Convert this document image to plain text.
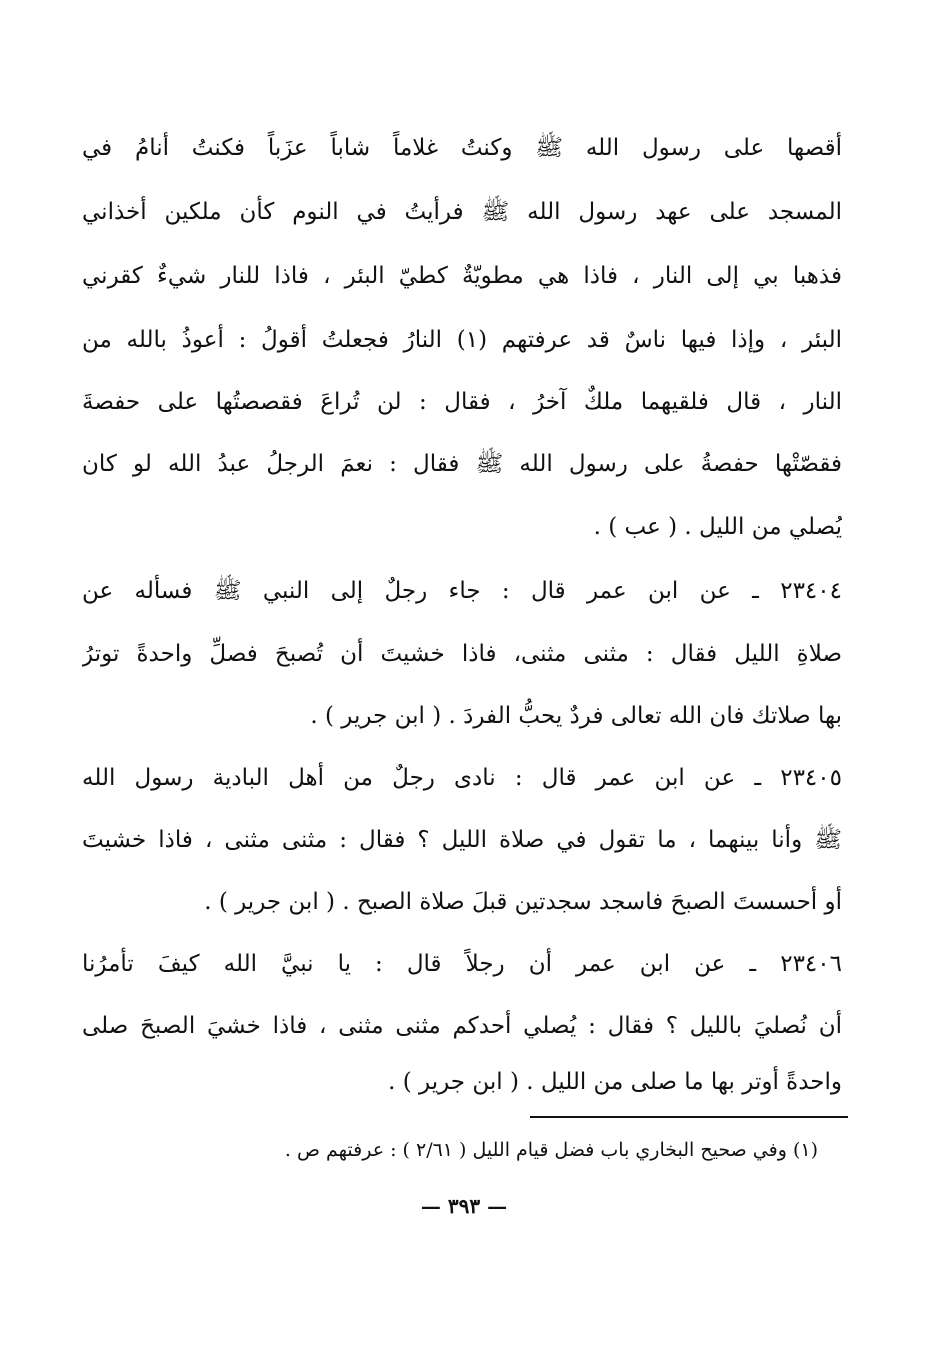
أقصها على رسول الله ﷺ وكنتُ غلاماً شاباً عزَباً فكنتُ أنامُ في
المسجد على عهد رسول الله ﷺ فرأيتُ في النوم كأن ملكين أخذاني
فذهبا بي إلى النار ، فاذا هي مطويّةٌ كطيّ البئر ، فاذا للنار شيءٌ كقرني
البئر ، وإذا فيها ناسٌ قد عرفتهم (١) النارُ فجعلتُ أقولُ : أعوذُ بالله من
النار ، قال فلقيهما ملكٌ آخرُ ، فقال : لن تُراعَ فقصصتُها على حفصةَ
فقصّتْها حفصةُ على رسول الله ﷺ فقال : نعمَ الرجلُ عبدُ الله لو كان
يُصلي من الليل . ( عب ) .
٢٣٤٠٤ ـ عن ابن عمر قال : جاء رجلٌ إلى النبي ﷺ فسأله عن
صلاةِ الليل فقال : مثنى مثنى، فاذا خشيتَ أن تُصبحَ فصلِّ واحدةً توترُ
بها صلاتك فان الله تعالى فردٌ يحبُّ الفردَ . ( ابن جرير ) .
٢٣٤٠٥ ـ عن ابن عمر قال : نادى رجلٌ من أهل البادية رسول الله
ﷺ وأنا بينهما ، ما تقول في صلاة الليل ؟ فقال : مثنى مثنى ، فاذا خشيتَ
أو أحسستَ الصبحَ فاسجد سجدتين قبلَ صلاة الصبح . ( ابن جرير ) .
٢٣٤٠٦ ـ عن ابن عمر أن رجلاً قال : يا نبيَّ الله كيفَ تأمرُنا
أن نُصليَ بالليل ؟ فقال : يُصلي أحدكم مثنى مثنى ، فاذا خشيَ الصبحَ صلى
واحدةً أوتر بها ما صلى من الليل . ( ابن جرير ) .
(١) وفي صحيح البخاري باب فضل قيام الليل ( ٢/٦١ ) : عرفتهم ص .
— ٣٩٣ —
